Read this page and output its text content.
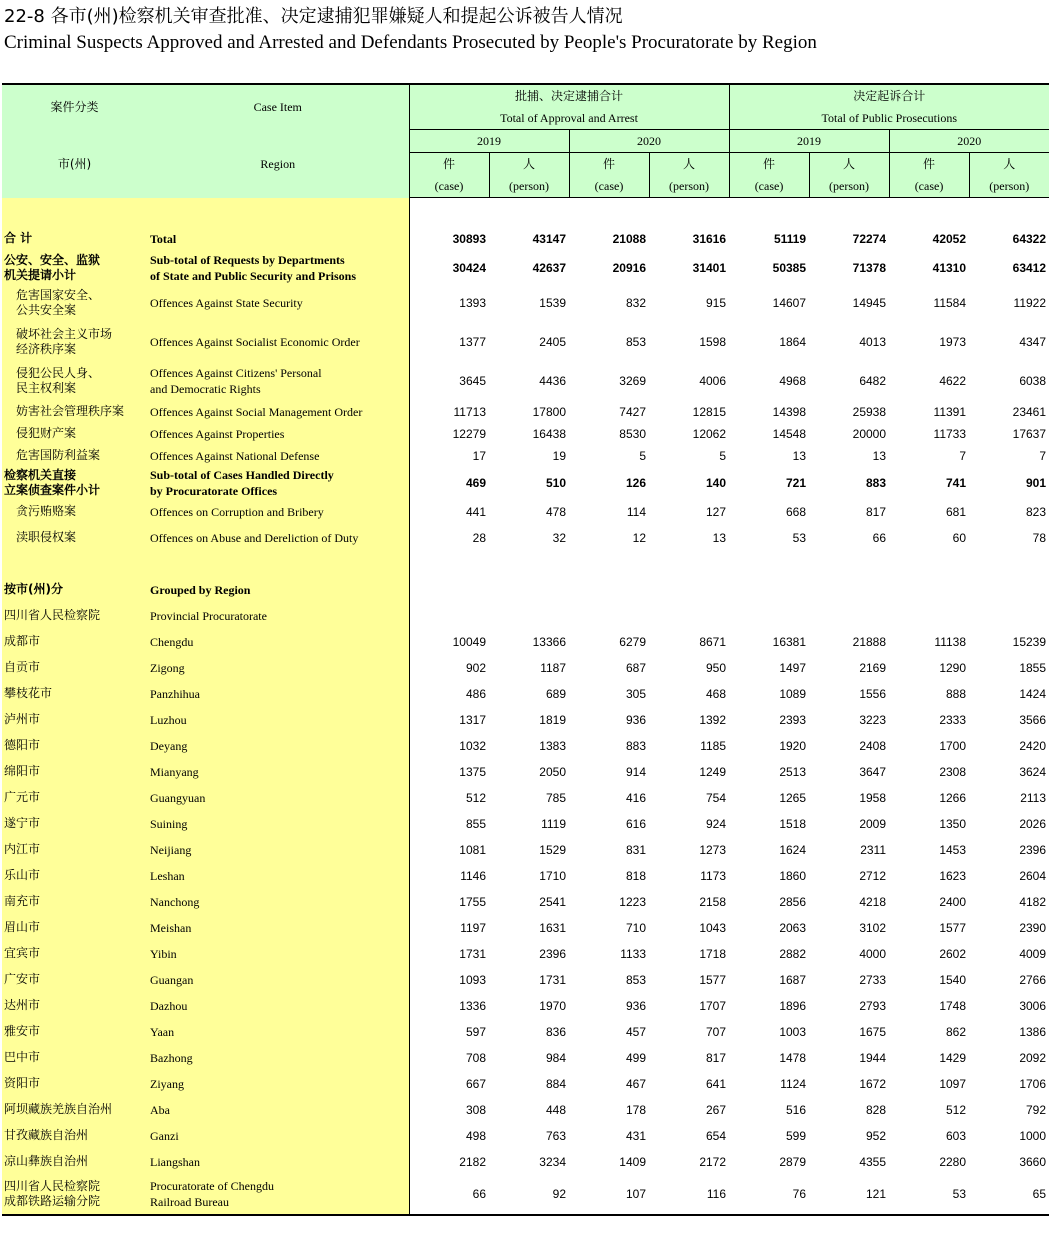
22-8 各市(州)检察机关审查批准、决定逮捕犯罪嫌疑人和提起公诉被告人情况
Criminal Suspects Approved and Arrested and Defendants Prosecuted by People's Procuratorate by Region
案件分类	Case Item	批捕、决定逮捕合计				决定起诉合计			
		Total of Approval and Arrest				Total of Public Prosecutions			
市(州)	Region	2019		2020		2019		2020	
		件	人	件	人	件	人	件	人
		(case)	(person)	(case)	(person)	(case)	(person)	(case)	(person)

合 计	Total	30893	43147	21088	31616	51119	72274	42052	64322

公安、安全、监狱
机关提请小计	Sub-total of Requests by Departments
of State and Public Security and Prisons	30424	42637	20916	31401	50385	71378	41310	63412

危害国家安全、
公共安全案	Offences Against State Security	1393	1539	832	915	14607	14945	11584	11922

破坏社会主义市场
经济秩序案	Offences Against Socialist Economic Order	1377	2405	853	1598	1864	4013	1973	4347

侵犯公民人身、
民主权利案	Offences Against Citizens' Personal
and Democratic Rights	3645	4436	3269	4006	4968	6482	4622	6038

妨害社会管理秩序案	Offences Against Social Management Order	11713	17800	7427	12815	14398	25938	11391	23461

侵犯财产案	Offences Against Properties	12279	16438	8530	12062	14548	20000	11733	17637

危害国防利益案	Offences Against National Defense	17	19	5	5	13	13	7	7

检察机关直接
立案侦查案件小计	Sub-total of Cases Handled Directly
by Procuratorate Offices	469	510	126	140	721	883	741	901

贪污贿赂案	Offences on Corruption and Bribery	441	478	114	127	668	817	681	823

渎职侵权案	Offences on Abuse and Dereliction of Duty	28	32	12	13	53	66	60	78

按市(州)分	Grouped by Region								

四川省人民检察院	Provincial Procuratorate								

成都市	Chengdu	10049	13366	6279	8671	16381	21888	11138	15239

自贡市	Zigong	902	1187	687	950	1497	2169	1290	1855

攀枝花市	Panzhihua	486	689	305	468	1089	1556	888	1424

泸州市	Luzhou	1317	1819	936	1392	2393	3223	2333	3566

德阳市	Deyang	1032	1383	883	1185	1920	2408	1700	2420

绵阳市	Mianyang	1375	2050	914	1249	2513	3647	2308	3624

广元市	Guangyuan	512	785	416	754	1265	1958	1266	2113

遂宁市	Suining	855	1119	616	924	1518	2009	1350	2026

内江市	Neijiang	1081	1529	831	1273	1624	2311	1453	2396

乐山市	Leshan	1146	1710	818	1173	1860	2712	1623	2604

南充市	Nanchong	1755	2541	1223	2158	2856	4218	2400	4182

眉山市	Meishan	1197	1631	710	1043	2063	3102	1577	2390

宜宾市	Yibin	1731	2396	1133	1718	2882	4000	2602	4009

广安市	Guangan	1093	1731	853	1577	1687	2733	1540	2766

达州市	Dazhou	1336	1970	936	1707	1896	2793	1748	3006

雅安市	Yaan	597	836	457	707	1003	1675	862	1386

巴中市	Bazhong	708	984	499	817	1478	1944	1429	2092

资阳市	Ziyang	667	884	467	641	1124	1672	1097	1706

阿坝藏族羌族自治州	Aba	308	448	178	267	516	828	512	792

甘孜藏族自治州	Ganzi	498	763	431	654	599	952	603	1000

凉山彝族自治州	Liangshan	2182	3234	1409	2172	2879	4355	2280	3660

四川省人民检察院
成都铁路运输分院	Procuratorate of Chengdu
Railroad Bureau	66	92	107	116	76	121	53	65
